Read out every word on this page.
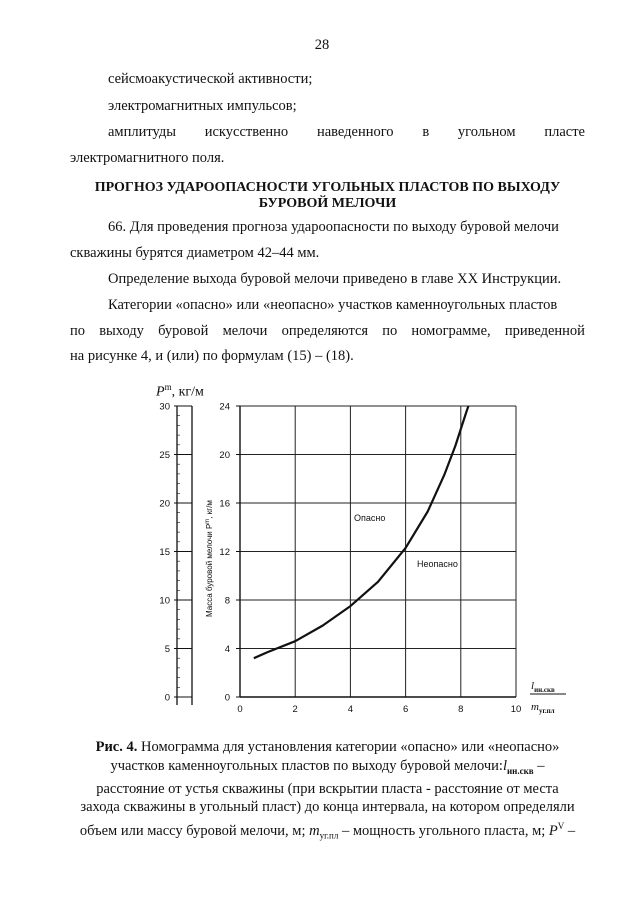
28
сейсмоакустической активности;
электромагнитных импульсов;
амплитуды искусственно наведенного в угольном пласте
электромагнитного поля.
ПРОГНОЗ УДАРООПАСНОСТИ УГОЛЬНЫХ ПЛАСТОВ ПО ВЫХОДУ
БУРОВОЙ МЕЛОЧИ
66. Для проведения прогноза удароопасности по выходу буровой мелочи
скважины бурятся диаметром 42–44 мм.
Определение выхода буровой мелочи приведено в главе XX Инструкции.
Категории «опасно» или «неопасно» участков каменноугольных пластов
по выходу буровой мелочи определяются по номограмме, приведенной
на рисунке 4, и (или) по формулам (15) – (18).
$P^m$, кг/м
0
5
10
15
20
25
30
0
4
8
12
16
20
24
0	2	4	6	8	10
Опасно
Неопасно
Масса буровой мелочи $P^m$, кг/м
$l_{ин.скв}$
$m_{уг.пл}$
Рис. 4. Номограмма для установления категории «опасно» или «неопасно»
участков каменноугольных пластов по выходу буровой $мелочи:l_{ин.скв}$ –
расстояние от устья скважины (при вскрытии пласта - расстояние от места
захода скважины в угольный пласт) до конца интервала, на котором определяли
объем или массу буровой мелочи, м; $m_{уг.пл}$ – мощность угольного пласта, м; $P^V$ –
